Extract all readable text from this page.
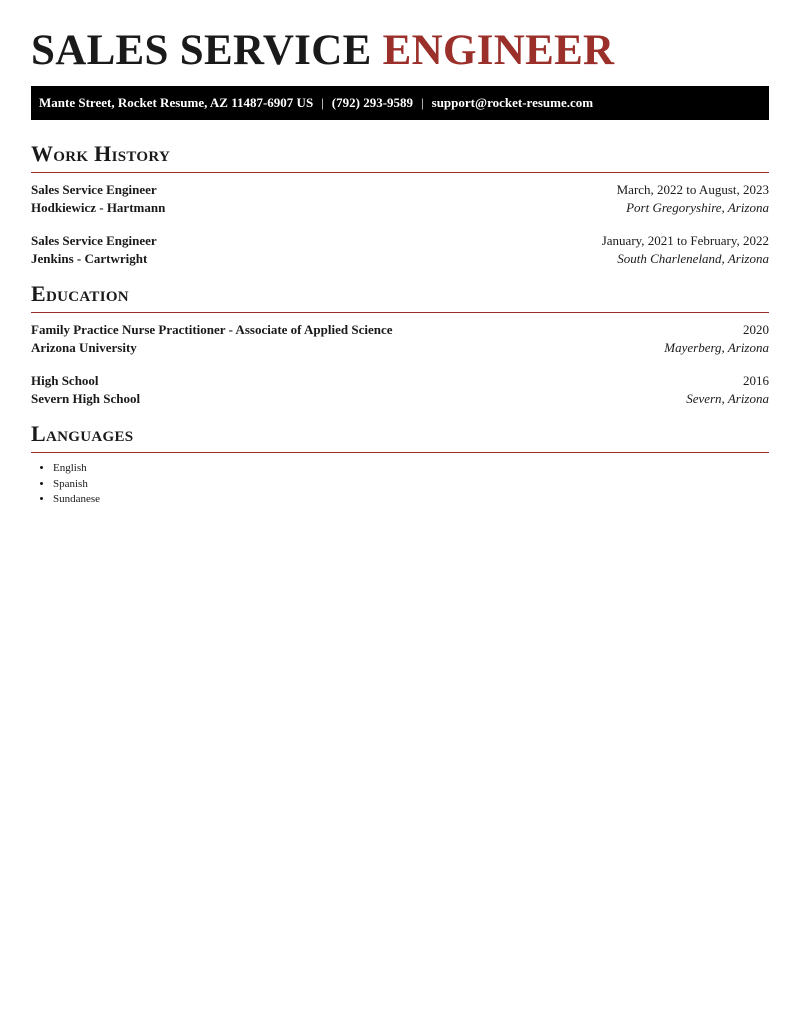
SALES SERVICE ENGINEER
Mante Street, Rocket Resume, AZ 11487-6907 US | (792) 293-9589 | support@rocket-resume.com
Work History
Sales Service Engineer	March, 2022 to August, 2023
Hodkiewicz - Hartmann	Port Gregoryshire, Arizona
Sales Service Engineer	January, 2021 to February, 2022
Jenkins - Cartwright	South Charleneland, Arizona
Education
Family Practice Nurse Practitioner - Associate of Applied Science	2020
Arizona University	Mayerberg, Arizona
High School	2016
Severn High School	Severn, Arizona
Languages
• English
• Spanish
• Sundanese
